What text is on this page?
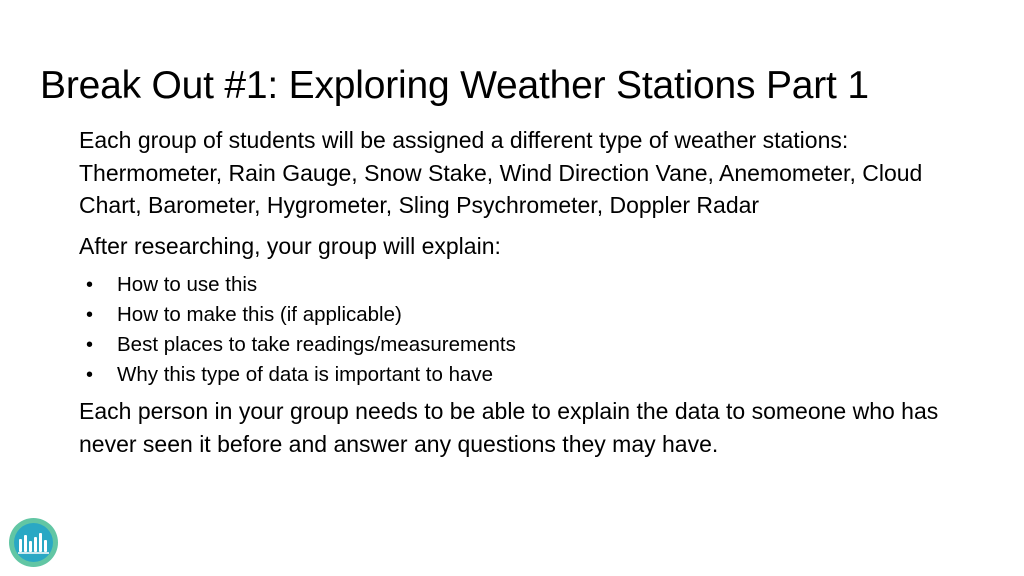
Break Out #1: Exploring Weather Stations Part 1

Each group of students will be assigned a different type of weather stations: Thermometer, Rain Gauge, Snow Stake, Wind Direction Vane, Anemometer, Cloud Chart, Barometer, Hygrometer, Sling Psychrometer, Doppler Radar

After researching, your group will explain:

• How to use this
• How to make this (if applicable)
• Best places to take readings/measurements
• Why this type of data is important to have

Each person in your group needs to be able to explain the data to someone who has never seen it before and answer any questions they may have.
